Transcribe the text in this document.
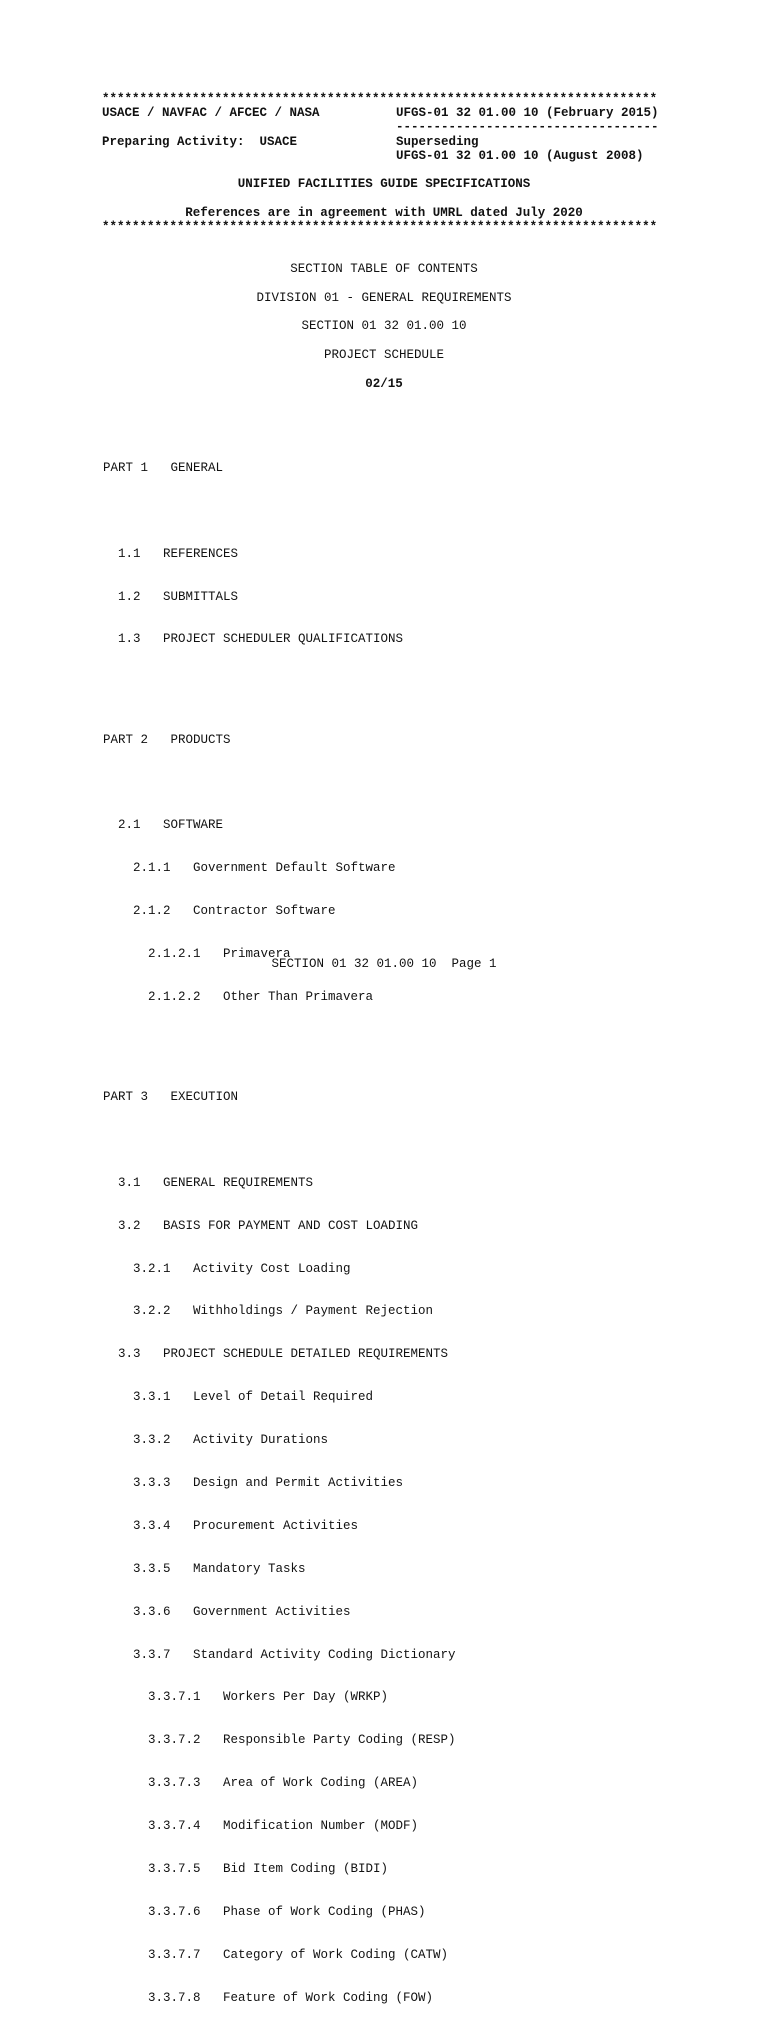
**************************************************************************
USACE / NAVFAC / AFCEC / NASA	UFGS-01 32 01.00 10 (February 2015)
-----------------------------------
Preparing Activity:  USACE	Superseding
UFGS-01 32 01.00 10 (August 2008)
UNIFIED FACILITIES GUIDE SPECIFICATIONS
References are in agreement with UMRL dated July 2020
**************************************************************************
SECTION TABLE OF CONTENTS
DIVISION 01 - GENERAL REQUIREMENTS
SECTION 01 32 01.00 10
PROJECT SCHEDULE
02/15

PART 1   GENERAL

1.1   REFERENCES

1.2   SUBMITTALS

1.3   PROJECT SCHEDULER QUALIFICATIONS

PART 2   PRODUCTS

2.1   SOFTWARE

2.1.1   Government Default Software

2.1.2   Contractor Software

2.1.2.1   Primavera

2.1.2.2   Other Than Primavera

PART 3   EXECUTION

3.1   GENERAL REQUIREMENTS

3.2   BASIS FOR PAYMENT AND COST LOADING

3.2.1   Activity Cost Loading

3.2.2   Withholdings / Payment Rejection

3.3   PROJECT SCHEDULE DETAILED REQUIREMENTS

3.3.1   Level of Detail Required

3.3.2   Activity Durations

3.3.3   Design and Permit Activities

3.3.4   Procurement Activities

3.3.5   Mandatory Tasks

3.3.6   Government Activities

3.3.7   Standard Activity Coding Dictionary

3.3.7.1   Workers Per Day (WRKP)

3.3.7.2   Responsible Party Coding (RESP)

3.3.7.3   Area of Work Coding (AREA)

3.3.7.4   Modification Number (MODF)

3.3.7.5   Bid Item Coding (BIDI)

3.3.7.6   Phase of Work Coding (PHAS)

3.3.7.7   Category of Work Coding (CATW)

3.3.7.8   Feature of Work Coding (FOW)

SECTION 01 32 01.00 10  Page 1
